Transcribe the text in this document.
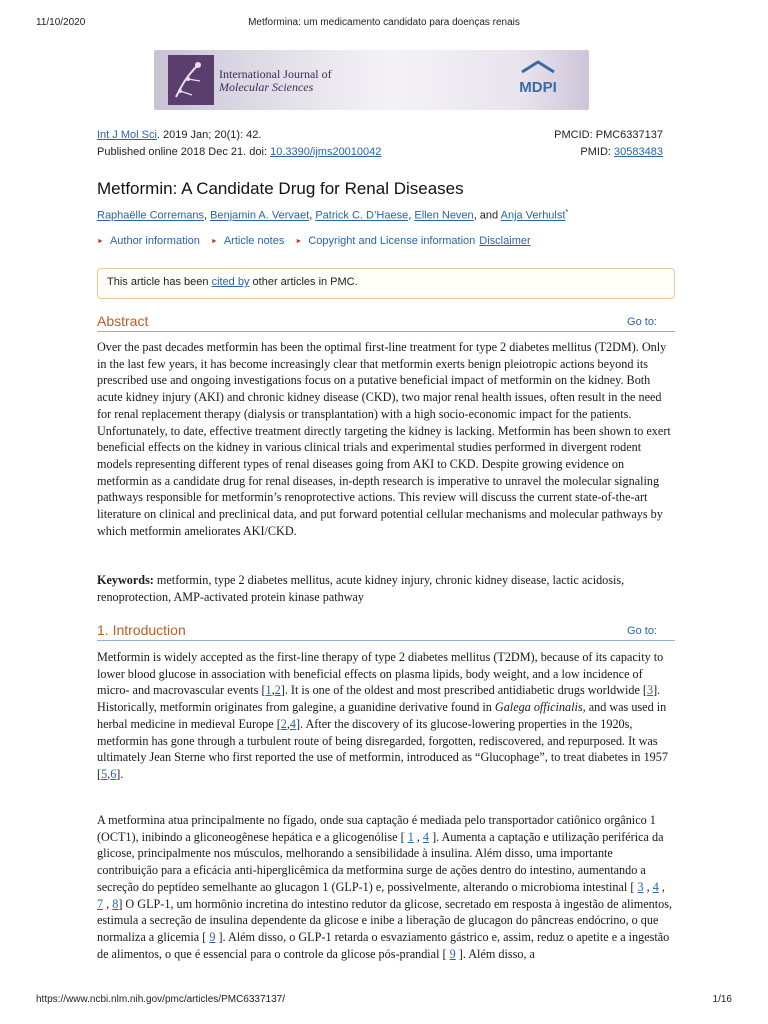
11/10/2020	Metformina: um medicamento candidato para doenças renais
International Journal of
Molecular Sciences	MDPI
Int J Mol Sci. 2019 Jan; 20(1): 42.	PMCID: PMC6337137
Published online 2018 Dec 21. doi: 10.3390/ijms20010042	PMID: 30583483
Metformin: A Candidate Drug for Renal Diseases
Raphaëlle Corremans, Benjamin A. Vervaet, Patrick C. D’Haese, Ellen Neven, and Anja Verhulst*
► Author information ► Article notes ► Copyright and License information Disclaimer
This article has been cited by other articles in PMC.
Abstract	Go to:

Over the past decades metformin has been the optimal first-line treatment for type 2 diabetes mellitus (T2DM). Only in the last few years, it has become increasingly clear that metformin exerts benign pleiotropic actions beyond its prescribed use and ongoing investigations focus on a putative beneficial impact of metformin on the kidney. Both acute kidney injury (AKI) and chronic kidney disease (CKD), two major renal health issues, often result in the need for renal replacement therapy (dialysis or transplantation) with a high socio-economic impact for the patients. Unfortunately, to date, effective treatment directly targeting the kidney is lacking. Metformin has been shown to exert beneficial effects on the kidney in various clinical trials and experimental studies performed in divergent rodent models representing different types of renal diseases going from AKI to CKD. Despite growing evidence on metformin as a candidate drug for renal diseases, in-depth research is imperative to unravel the molecular signaling pathways responsible for metformin’s renoprotective actions. This review will discuss the current state-of-the-art literature on clinical and preclinical data, and put forward potential cellular mechanisms and molecular pathways by which metformin ameliorates AKI/CKD.

Keywords: metformin, type 2 diabetes mellitus, acute kidney injury, chronic kidney disease, lactic acidosis, renoprotection, AMP-activated protein kinase pathway

1. Introduction	Go to:

Metformin is widely accepted as the first-line therapy of type 2 diabetes mellitus (T2DM), because of its capacity to lower blood glucose in association with beneficial effects on plasma lipids, body weight, and a low incidence of micro- and macrovascular events [1,2]. It is one of the oldest and most prescribed antidiabetic drugs worldwide [3]. Historically, metformin originates from galegine, a guanidine derivative found in Galega officinalis, and was used in herbal medicine in medieval Europe [2,4]. After the discovery of its glucose-lowering properties in the 1920s, metformin has gone through a turbulent route of being disregarded, forgotten, rediscovered, and repurposed. It was ultimately Jean Sterne who first reported the use of metformin, introduced as “Glucophage”, to treat diabetes in 1957 [5,6].

A metformina atua principalmente no fígado, onde sua captação é mediada pelo transportador catiônico orgânico 1 (OCT1), inibindo a gliconeogênese hepática e a glicogenólise [ 1 , 4 ]. Aumenta a captação e utilização periférica da glicose, principalmente nos músculos, melhorando a sensibilidade à insulina. Além disso, uma importante contribuição para a eficácia anti-hiperglicêmica da metformina surge de ações dentro do intestino, aumentando a secreção do peptídeo semelhante ao glucagon 1 (GLP-1) e, possivelmente, alterando o microbioma intestinal [ 3 , 4 , 7 , 8] O GLP-1, um hormônio incretina do intestino redutor da glicose, secretado em resposta à ingestão de alimentos, estimula a secreção de insulina dependente da glicose e inibe a liberação de glucagon do pâncreas endócrino, o que normaliza a glicemia [ 9 ]. Além disso, o GLP-1 retarda o esvaziamento gástrico e, assim, reduz o apetite e a ingestão de alimentos, o que é essencial para o controle da glicose pós-prandial [ 9 ]. Além disso, a

https://www.ncbi.nlm.nih.gov/pmc/articles/PMC6337137/	1/16
